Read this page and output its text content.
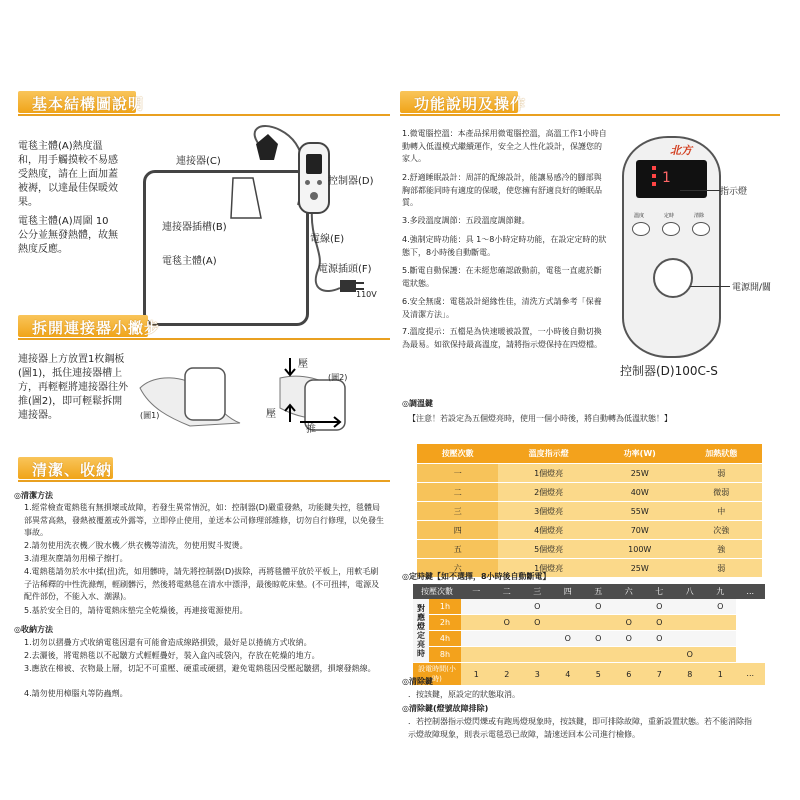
基本結構圖說明
電毯主體(A)熱度溫和，用手觸摸較不易感受熱度，請在上面加蓋被褥，以達最佳保暖效果。
電毯主體(A)周圍 10公分並無發熱體，故無熱度反應。
連接器(C)
控制器(D)
連接器插槽(B)
電毯主體(A)
電線(E)
電源插頭(F)
110V
拆開連接器小撇步
連接器上方放置1枚鋼板(圖1)，抵住連接器槽上方，再輕輕將連接器往外推(圖2)，即可輕鬆拆開連接器。	(圖1)
(圖2)
壓
壓
推
清潔、收納
◎清潔方法
1.經常檢查電熱毯有無損壞或故障，若發生異常情況，如：控制器(D)嚴重發熱，功能鍵失控，毯體局部異常高熱，發熱被覆蓋或外露等，立即停止使用，並送本公司修理部維修，切勿自行修理，以免發生事故。
2.請勿使用洗衣機／脫水機／烘衣機等清洗，勿使用熨斗熨燙。
3.清理灰塵請勿用梯子擦打。
4.電熱毯請勿於水中揉(扭)洗，如用髒時，請先將控制器(D)拔除，再將毯體平放於平板上，用軟毛刷子沾稀釋的中性洗滌劑，輕刷髒污，然後將電熱毯在清水中漂淨，最後晾乾床墊。(不可扭摔，電源及配件部份，不能入水、潮濕)。
5.基於安全目的，請待電熱床墊完全乾燥後，再連接電源使用。
◎收納方法
1.切勿以摺疊方式收納電毯因還有可能會造成線路損毀，最好是以捲繞方式收納。
2.去灑後，將電熱毯以不起皺方式輕輕疊好，裝入盒內或袋內，存放在乾燥的地方。
3.應放在棉被、衣物最上層，切記不可重壓、硬重或硬摺，避免電熱毯因受壓起皺摺，損壞發熱線。
4.請勿使用樟腦丸等防蟲劑。
功能說明及操作
1.微電腦控溫：本產品採用微電腦控溫，高溫工作1小時自動轉入低溫模式繼續運作，安全之人性化設計，保護您的家人。
2.舒適睡眠設計：周詳的配線設計，能讓易感冷的腳部與胸部都能同時有適度的保暖，使您擁有舒適良好的睡眠品質。
3.多段溫度調節：五段溫度調節鍵。
4.強制定時功能：具 1～8小時定時功能，在設定定時的狀態下，8小時後自動斷電。
5.斷電自動保護：在未經您確認啟動前，電毯一直處於斷電狀態。
6.安全無虞：電毯設計絕緣性佳，清洗方式請參考「保養及清潔方法」。
7.溫度提示：五檔是為快速暖被設置，一小時後自動切換為最易。如欲保持最高溫度，請將指示燈保持在四燈檔。
北方
1
溫度	定時	清除
指示燈
電源開/關
控制器(D)100C-S
◎調溫鍵
【注意！若設定為五個燈亮時，使用一個小時後，將自動轉為低溫狀態！】
按壓次數	溫度指示燈	功率(W)	加熱狀態
一	1個燈亮	25W	弱
二	2個燈亮	40W	微弱
三	3個燈亮	55W	中
四	4個燈亮	70W	次強
五	5個燈亮	100W	強
六	1個燈亮	25W	弱
◎定時鍵【如不選擇，8小時後自動斷電】
按壓次數		一	二	三	四	五	六	七	八	九	...
對應燈定亮時	1h			O		O		O		O	
	2h		O	O			O	O			
	4h				O	O	O	O			
	8h								O		
設電時間(小時)		1	2	3	4	5	6	7	8	1	...
◎清除鍵
．按該鍵，原設定的狀態取消。
◎清除鍵(燈號故障排除)
．若控制器指示燈閃爍或有跑馬燈現象時，按該鍵，即可排除故障，重新設置狀態。若不能消除指示燈故障現象，則表示電毯恐已故障，請速送回本公司進行檢修。
